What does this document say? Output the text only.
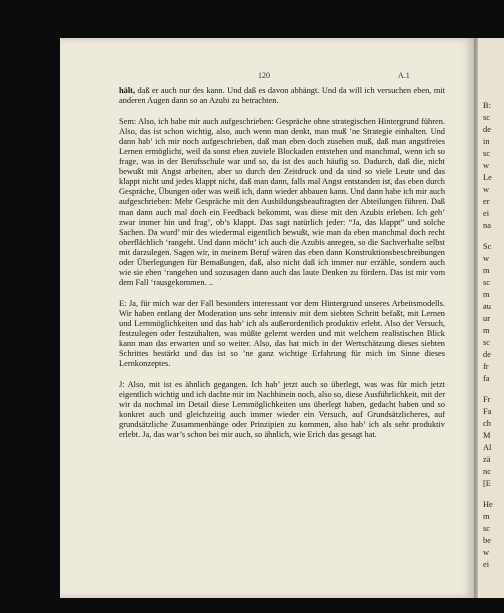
120	A.1

hält, daß er auch nur des kann. Und daß es davon abhängt. Und da will ich versuchen eben, mit anderen Augen dann so an Azubi zu betrachten.

Sem: Also, ich habe mir auch aufgeschrieben: Gespräche ohne strategischen Hintergrund führen. Also, das ist schon wichtig, also, auch wenn man denkt, man muß ’ne Strategie einhalten. Und dann hab’ ich mir noch aufgeschrieben, daß man eben doch zusehen muß, daß man angstfreies Lernen ermöglicht, weil da sonst eben zuviele Blockaden entstehen und manchmal, wenn ich so frage, was in der Berufsschule war und so, da ist des auch häufig so. Dadurch, daß die, nicht bewußt mit Angst arbeiten, aber so durch den Zeitdruck und da sind so viele Leute und das klappt nicht und jedes klappt nicht, daß man dann, falls mal Angst entstanden ist, das eben durch Gespräche, Übungen oder was weiß ich, dann wieder abbauen kann. Und dann habe ich mir auch aufgeschrieben: Mehr Gespräche mit den Ausbildungsbeauftragten der Abteilungen führen. Daß man dann auch mal doch ein Feedback bekommt, was diese mit den Azubis erleben. Ich geh’ zwar immer hin und frag’, ob’s klappt. Das sagt natürlich jeder: “Ja, das klappt” und solche Sachen. Da wurd’ mir des wiedermal eigentlich bewußt, wie man da eben manchmal doch recht oberflächlich ‘rangeht. Und dann möcht’ ich auch die Azubis anregen, so die Sachverhalte selbst mit darzulegen. Sagen wir, in meinem Beruf wären das eben dann Konstruktionsbeschreibungen oder Überlegungen für Bemaßungen, daß, also nicht daß ich immer nur erzähle, sondern auch wie sie eben ‘rangehen und sozusagen dann auch das laute Denken zu fördern. Das ist mir vom dem Fall ‘rausgekommen. ..

E: Ja, für mich war der Fall besonders interessant vor dem Hintergrund unseres Arbeitsmodells. Wir haben entlang der Moderation uns sehr intensiv mit dem siebten Schritt befaßt, mit Lernen und Lernmöglichkeiten und das hab’ ich als außerordentlich produktiv erlebt. Also der Versuch, festzulegen oder festzuhalten, was müßte gelernt werden und mit welchem realistischen Blick kann man das erwarten und so weiter. Also, das hat mich in der Wertschätzung dieses siebten Schrittes bestärkt und das ist so ’ne ganz wichtige Erfahrung für mich im Sinne dieses Lernkonzeptes.

J: Also, mit ist es ähnlich gegangen. Ich hab’ jetzt auch so überlegt, was was für mich jetzt eigentlich wichtig und ich dachte mir im Nachhinein noch, also so, diese Ausführlichkeit, mit der wir da nochmal im Detail diese Lernmöglichkeiten uns überlegt haben, gedacht haben und so konkret auch und gleichzeitig auch immer wieder ein Versuch, auf Grundsätzlicheres, auf grundsätzliche Zusammenhänge oder Prinzipien zu kommen, also hab’ ich als sehr produktiv erlebt. Ja, das war’s schon bei mir auch, so ähnlich, wie Erich das gesagt hat.

B:
sc
de
in
sc
w
Le
w
er
ei
na
Sc
w
m
sc
m
au
ur
m
sc
de
fr
fa
Fr
Fa
ch
M
Al
zä
nc
[E
He
m
sc
be
w
ei
